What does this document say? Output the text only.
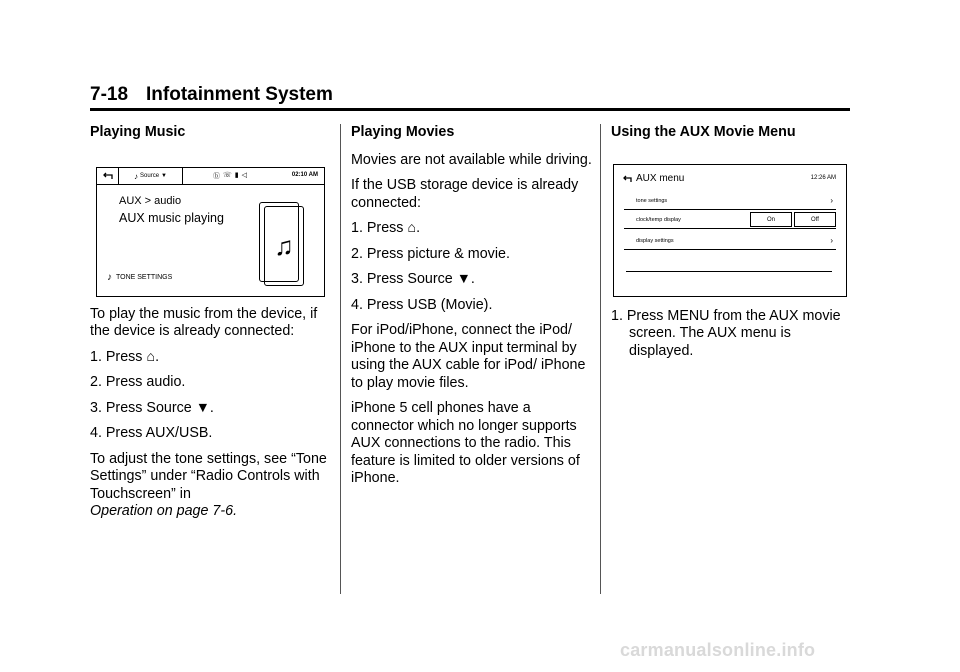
7-18 Infotainment System
Playing Music
To play the music from the device, if the device is already connected:
1. Press ⌂.
2. Press audio.
3. Press Source ▼.
4. Press AUX/USB.
To adjust the tone settings, see “Tone Settings” under “Radio Controls with Touchscreen” in
Operation on page 7-6.
♪ Source ▼	ⓑ ☏ ▮ ◁	02:10 AM
AUX > audio
AUX music playing
♫
♪ TONE SETTINGS
Playing Movies
Movies are not available while driving.
If the USB storage device is already connected:
1. Press ⌂.
2. Press picture & movie.
3. Press Source ▼.
4. Press USB (Movie).
For iPod/iPhone, connect the iPod/ iPhone to the AUX input terminal by using the AUX cable for iPod/ iPhone to play movie files.
iPhone 5 cell phones have a connector which no longer supports AUX connections to the radio. This feature is limited to older versions of iPhone.
Using the AUX Movie Menu
1. Press MENU from the AUX movie screen. The AUX menu is displayed.
AUX menu	12:26 AM
tone settings	›
clock/temp display	On	Off
display settings	›
carmanualsonline.info
